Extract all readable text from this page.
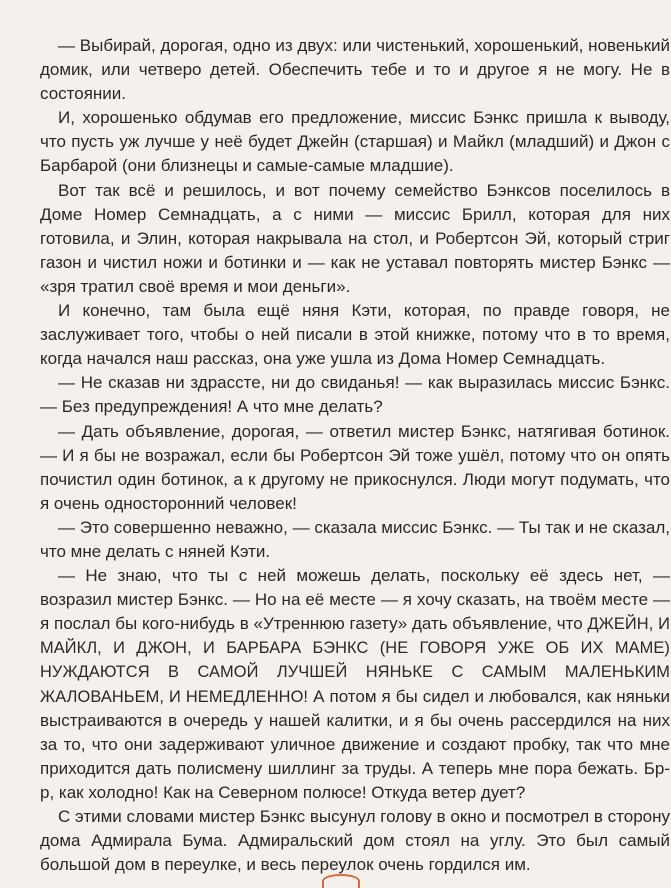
— Выбирай, дорогая, одно из двух: или чистенький, хорошенький, новенький домик, или четверо детей. Обеспечить тебе и то и другое я не могу. Не в состоянии.

И, хорошенько обдумав его предложение, миссис Бэнкс пришла к выводу, что пусть уж лучше у неё будет Джейн (старшая) и Майкл (младший) и Джон с Барбарой (они близнецы и самые-самые младшие).

Вот так всё и решилось, и вот почему семейство Бэнксов поселилось в Доме Номер Семнадцать, а с ними — миссис Брилл, которая для них готовила, и Элин, которая накрывала на стол, и Робертсон Эй, который стриг газон и чистил ножи и ботинки и — как не уставал повторять мистер Бэнкс — «зря тратил своё время и мои деньги».

И конечно, там была ещё няня Кэти, которая, по правде говоря, не заслуживает того, чтобы о ней писали в этой книжке, потому что в то время, когда начался наш рассказ, она уже ушла из Дома Номер Семнадцать.

— Не сказав ни здрассте, ни до свиданья! — как выразилась миссис Бэнкс. — Без предупреждения! А что мне делать?

— Дать объявление, дорогая, — ответил мистер Бэнкс, натягивая ботинок. — И я бы не возражал, если бы Робертсон Эй тоже ушёл, потому что он опять почистил один ботинок, а к другому не прикоснулся. Люди могут подумать, что я очень односторонний человек!

— Это совершенно неважно, — сказала миссис Бэнкс. — Ты так и не сказал, что мне делать с няней Кэти.

— Не знаю, что ты с ней можешь делать, поскольку её здесь нет, — возразил мистер Бэнкс. — Но на её месте — я хочу сказать, на твоём месте — я послал бы кого-нибудь в «Утреннюю газету» дать объявление, что ДЖЕЙН, И МАЙКЛ, И ДЖОН, И БАРБАРА БЭНКС (НЕ ГОВОРЯ УЖЕ ОБ ИХ МАМЕ) НУЖДАЮТСЯ В САМОЙ ЛУЧШЕЙ НЯНЬКЕ С САМЫМ МАЛЕНЬКИМ ЖАЛОВАНЬЕМ, И НЕМЕДЛЕННО! А потом я бы сидел и любовался, как няньки выстраиваются в очередь у нашей калитки, и я бы очень рассердился на них за то, что они задерживают уличное движение и создают пробку, так что мне приходится дать полисмену шиллинг за труды. А теперь мне пора бежать. Бр-р, как холодно! Как на Северном полюсе! Откуда ветер дует?

С этими словами мистер Бэнкс высунул голову в окно и посмотрел в сторону дома Адмирала Бума. Адмиральский дом стоял на углу. Это был самый большой дом в переулке, и весь переулок очень гордился им.
